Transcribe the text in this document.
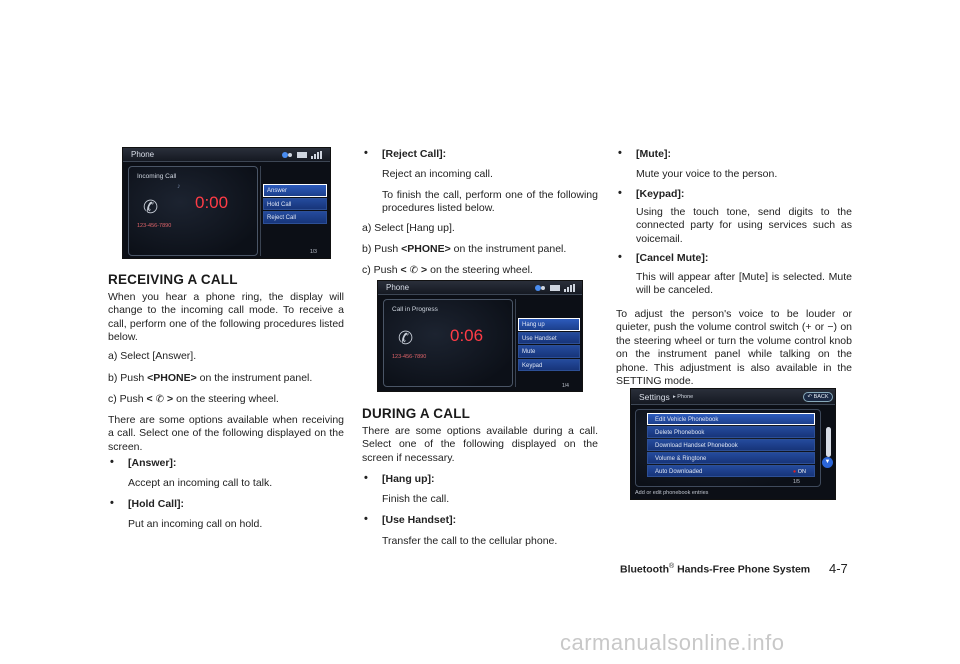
Phone
Incoming Call
✆
♪
0:00
123-456-7890
Answer
Hold Call
Reject Call
1/3
RECEIVING A CALL
When you hear a phone ring, the display will change to the incoming call mode. To receive a call, perform one of the following procedures listed below.
a) Select [Answer].
b) Push <PHONE> on the instrument panel.
c) Push < ✆ > on the steering wheel.
There are some options available when receiving a call. Select one of the following displayed on the screen.
• [Answer]:
Accept an incoming call to talk.
• [Hold Call]:
Put an incoming call on hold.
• [Reject Call]:
Reject an incoming call.
To finish the call, perform one of the following procedures listed below.
a) Select [Hang up].
b) Push <PHONE> on the instrument panel.
c) Push < ✆ > on the steering wheel.
Phone
Call in Progress
✆ 0:06
123-456-7890
Hang up
Use Handset
Mute
Keypad
1/4
DURING A CALL
There are some options available during a call. Select one of the following displayed on the screen if necessary.
• [Hang up]:
Finish the call.
• [Use Handset]:
Transfer the call to the cellular phone.
• [Mute]:
Mute your voice to the person.
• [Keypad]:
Using the touch tone, send digits to the connected party for using services such as voicemail.
• [Cancel Mute]:
This will appear after [Mute] is selected. Mute will be canceled.
To adjust the person's voice to be louder or quieter, push the volume control switch (+ or −) on the steering wheel or turn the volume control knob on the instrument panel while talking on the phone. This adjustment is also available in the SETTING mode.
Settings ▸ Phone	↶ BACK
Edit Vehicle Phonebook
Delete Phonebook
Download Handset Phonebook
Volume & Ringtone
Auto Downloaded	● ON
▼
1/5
Add or edit phonebook entries
Bluetooth® Hands-Free Phone System 4-7
carmanualsonline.info
